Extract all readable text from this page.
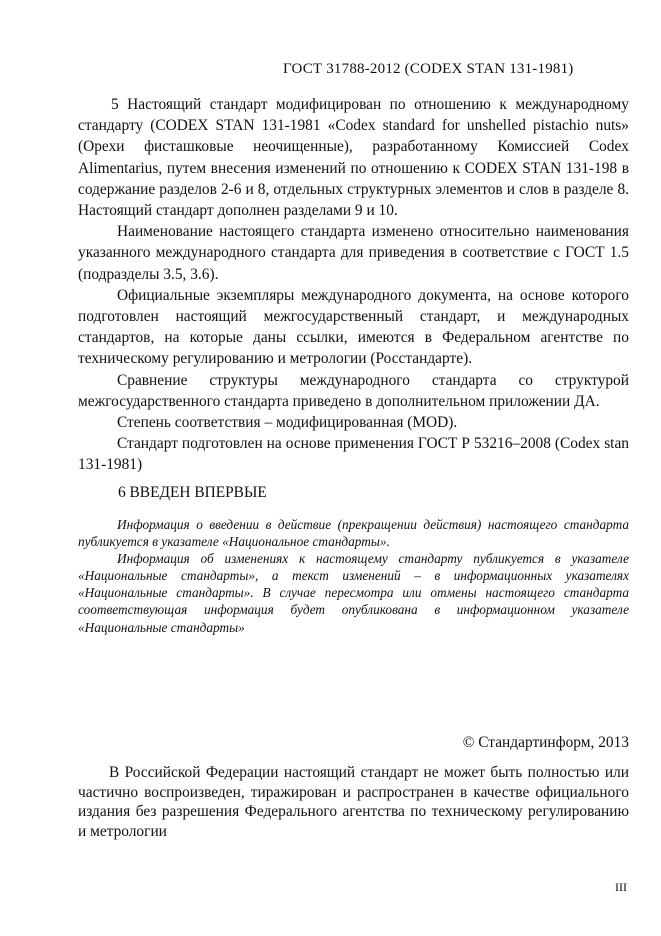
ГОСТ 31788-2012 (CODEX STAN 131-1981)

5 Настоящий стандарт модифицирован по отношению к международному стандарту (CODEX STAN 131-1981 «Codex standard for unshelled pistachio nuts» (Орехи фисташковые неочищенные), разработанному Комиссией Codex Alimentarius, путем внесения изменений по отношению к CODEX STAN 131-198 в содержание разделов 2-6 и 8, отдельных структурных элементов и слов в разделе 8. Настоящий стандарт дополнен разделами 9 и 10.

Наименование настоящего стандарта изменено относительно наименования указанного международного стандарта для приведения в соответствие с ГОСТ 1.5 (подразделы 3.5, 3.6).

Официальные экземпляры международного документа, на основе которого подготовлен настоящий межгосударственный стандарт, и международных стандартов, на которые даны ссылки, имеются в Федеральном агентстве по техническому регулированию и метрологии (Росстандарте).

Сравнение структуры международного стандарта со структурой межгосударственного стандарта приведено в дополнительном приложении ДА.

Степень соответствия – модифицированная (MOD).

Стандарт подготовлен на основе применения ГОСТ Р 53216–2008 (Codex stan 131-1981)

6 ВВЕДЕН ВПЕРВЫЕ

Информация о введении в действие (прекращении действия) настоящего стандарта публикуется в указателе «Национальное стандарты».

Информация об изменениях к настоящему стандарту публикуется в указателе «Национальные стандарты», а текст изменений – в информационных указателях «Национальные стандарты». В случае пересмотра или отмены настоящего стандарта соответствующая информация будет опубликована в информационном указателе «Национальные стандарты»

© Стандартинформ, 2013

В Российской Федерации настоящий стандарт не может быть полностью или частично воспроизведен, тиражирован и распространен в качестве официального издания без разрешения Федерального агентства по техническому регулированию и метрологии

III
